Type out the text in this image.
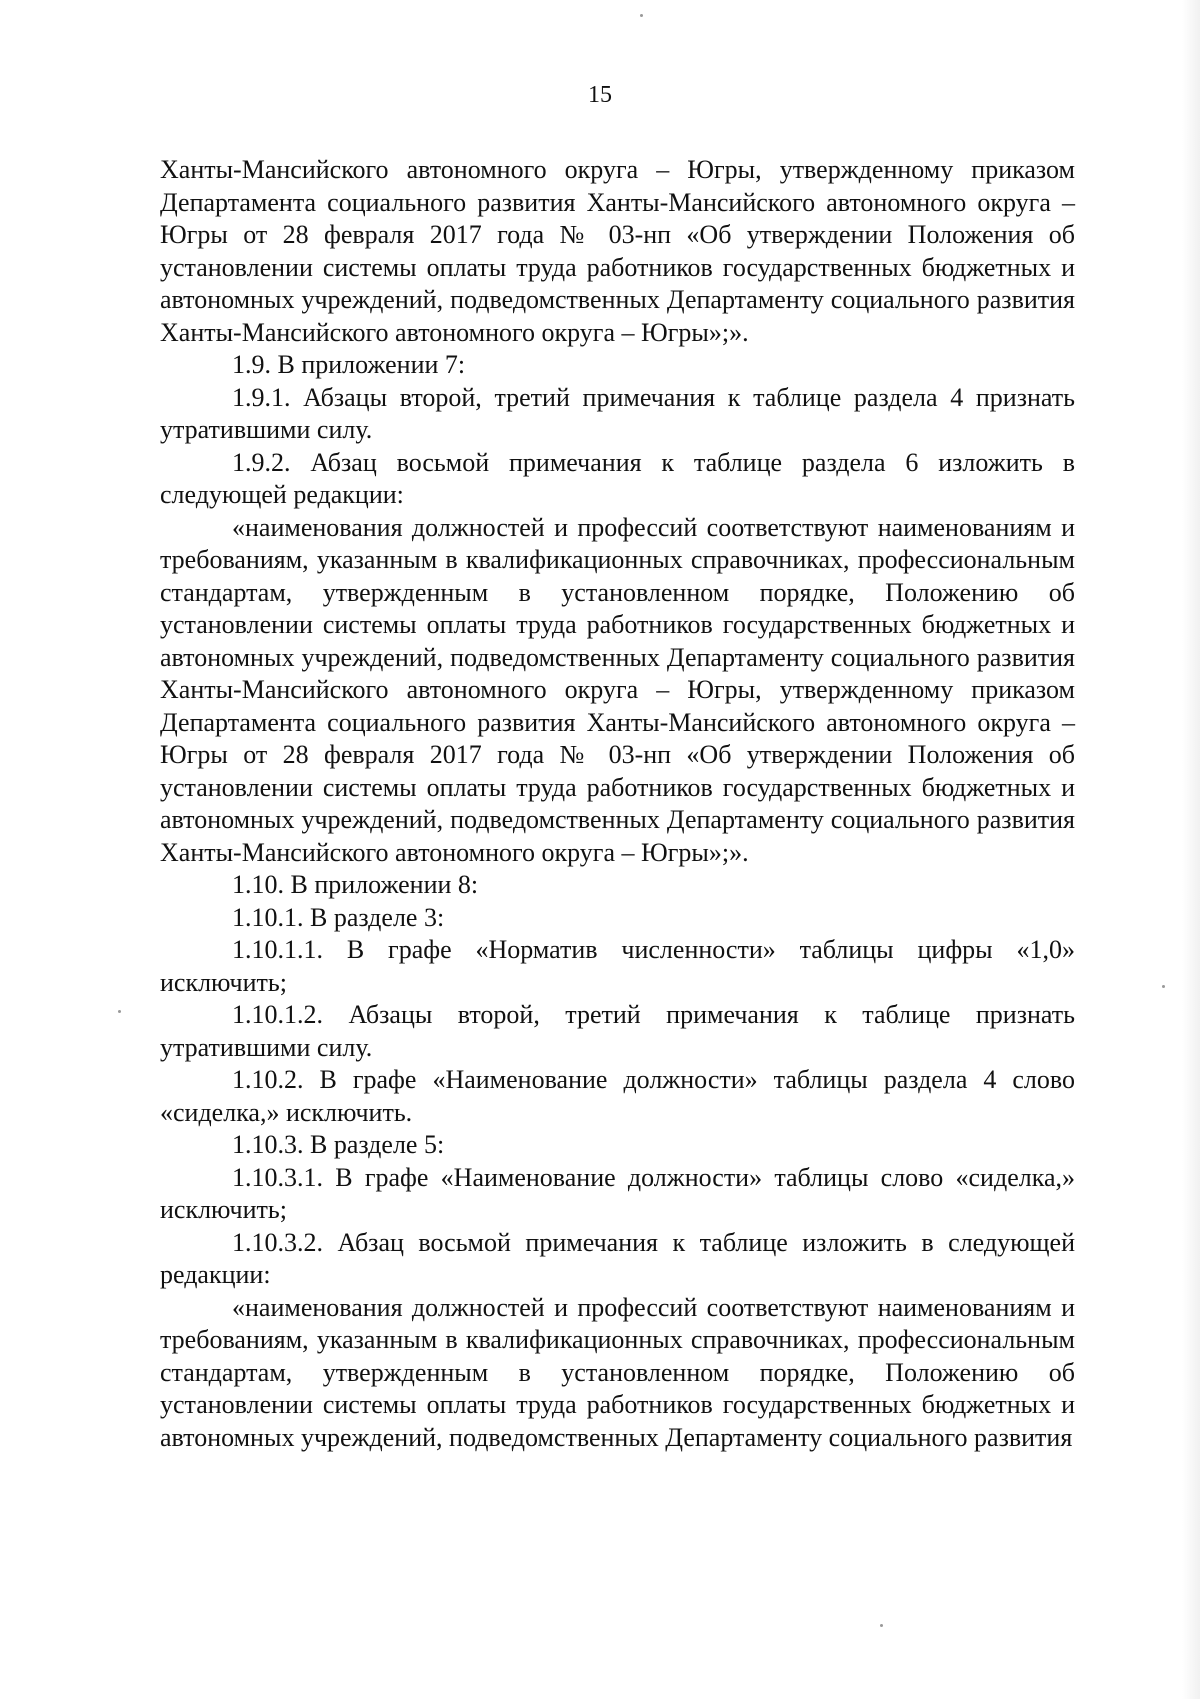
15

Ханты-Мансийского автономного округа – Югры, утвержденному приказом Департамента социального развития Ханты-Мансийского автономного округа – Югры от 28 февраля 2017 года № 03-нп «Об утверждении Положения об установлении системы оплаты труда работников государственных бюджетных и автономных учреждений, подведомственных Департаменту социального развития Ханты-Мансийского автономного округа – Югры»;».

1.9. В приложении 7:

1.9.1. Абзацы второй, третий примечания к таблице раздела 4 признать утратившими силу.

1.9.2. Абзац восьмой примечания к таблице раздела 6 изложить в следующей редакции:

«наименования должностей и профессий соответствуют наименованиям и требованиям, указанным в квалификационных справочниках, профессиональным стандартам, утвержденным в установленном порядке, Положению об установлении системы оплаты труда работников государственных бюджетных и автономных учреждений, подведомственных Департаменту социального развития Ханты-Мансийского автономного округа – Югры, утвержденному приказом Департамента социального развития Ханты-Мансийского автономного округа – Югры от 28 февраля 2017 года № 03-нп «Об утверждении Положения об установлении системы оплаты труда работников государственных бюджетных и автономных учреждений, подведомственных Департаменту социального развития Ханты-Мансийского автономного округа – Югры»;».

1.10. В приложении 8:

1.10.1. В разделе 3:

1.10.1.1. В графе «Норматив численности» таблицы цифры «1,0» исключить;

1.10.1.2. Абзацы второй, третий примечания к таблице признать утратившими силу.

1.10.2. В графе «Наименование должности» таблицы раздела 4 слово «сиделка,» исключить.

1.10.3. В разделе 5:

1.10.3.1. В графе «Наименование должности» таблицы слово «сиделка,» исключить;

1.10.3.2. Абзац восьмой примечания к таблице изложить в следующей редакции:

«наименования должностей и профессий соответствуют наименованиям и требованиям, указанным в квалификационных справочниках, профессиональным стандартам, утвержденным в установленном порядке, Положению об установлении системы оплаты труда работников государственных бюджетных и автономных учреждений, подведомственных Департаменту социального развития
